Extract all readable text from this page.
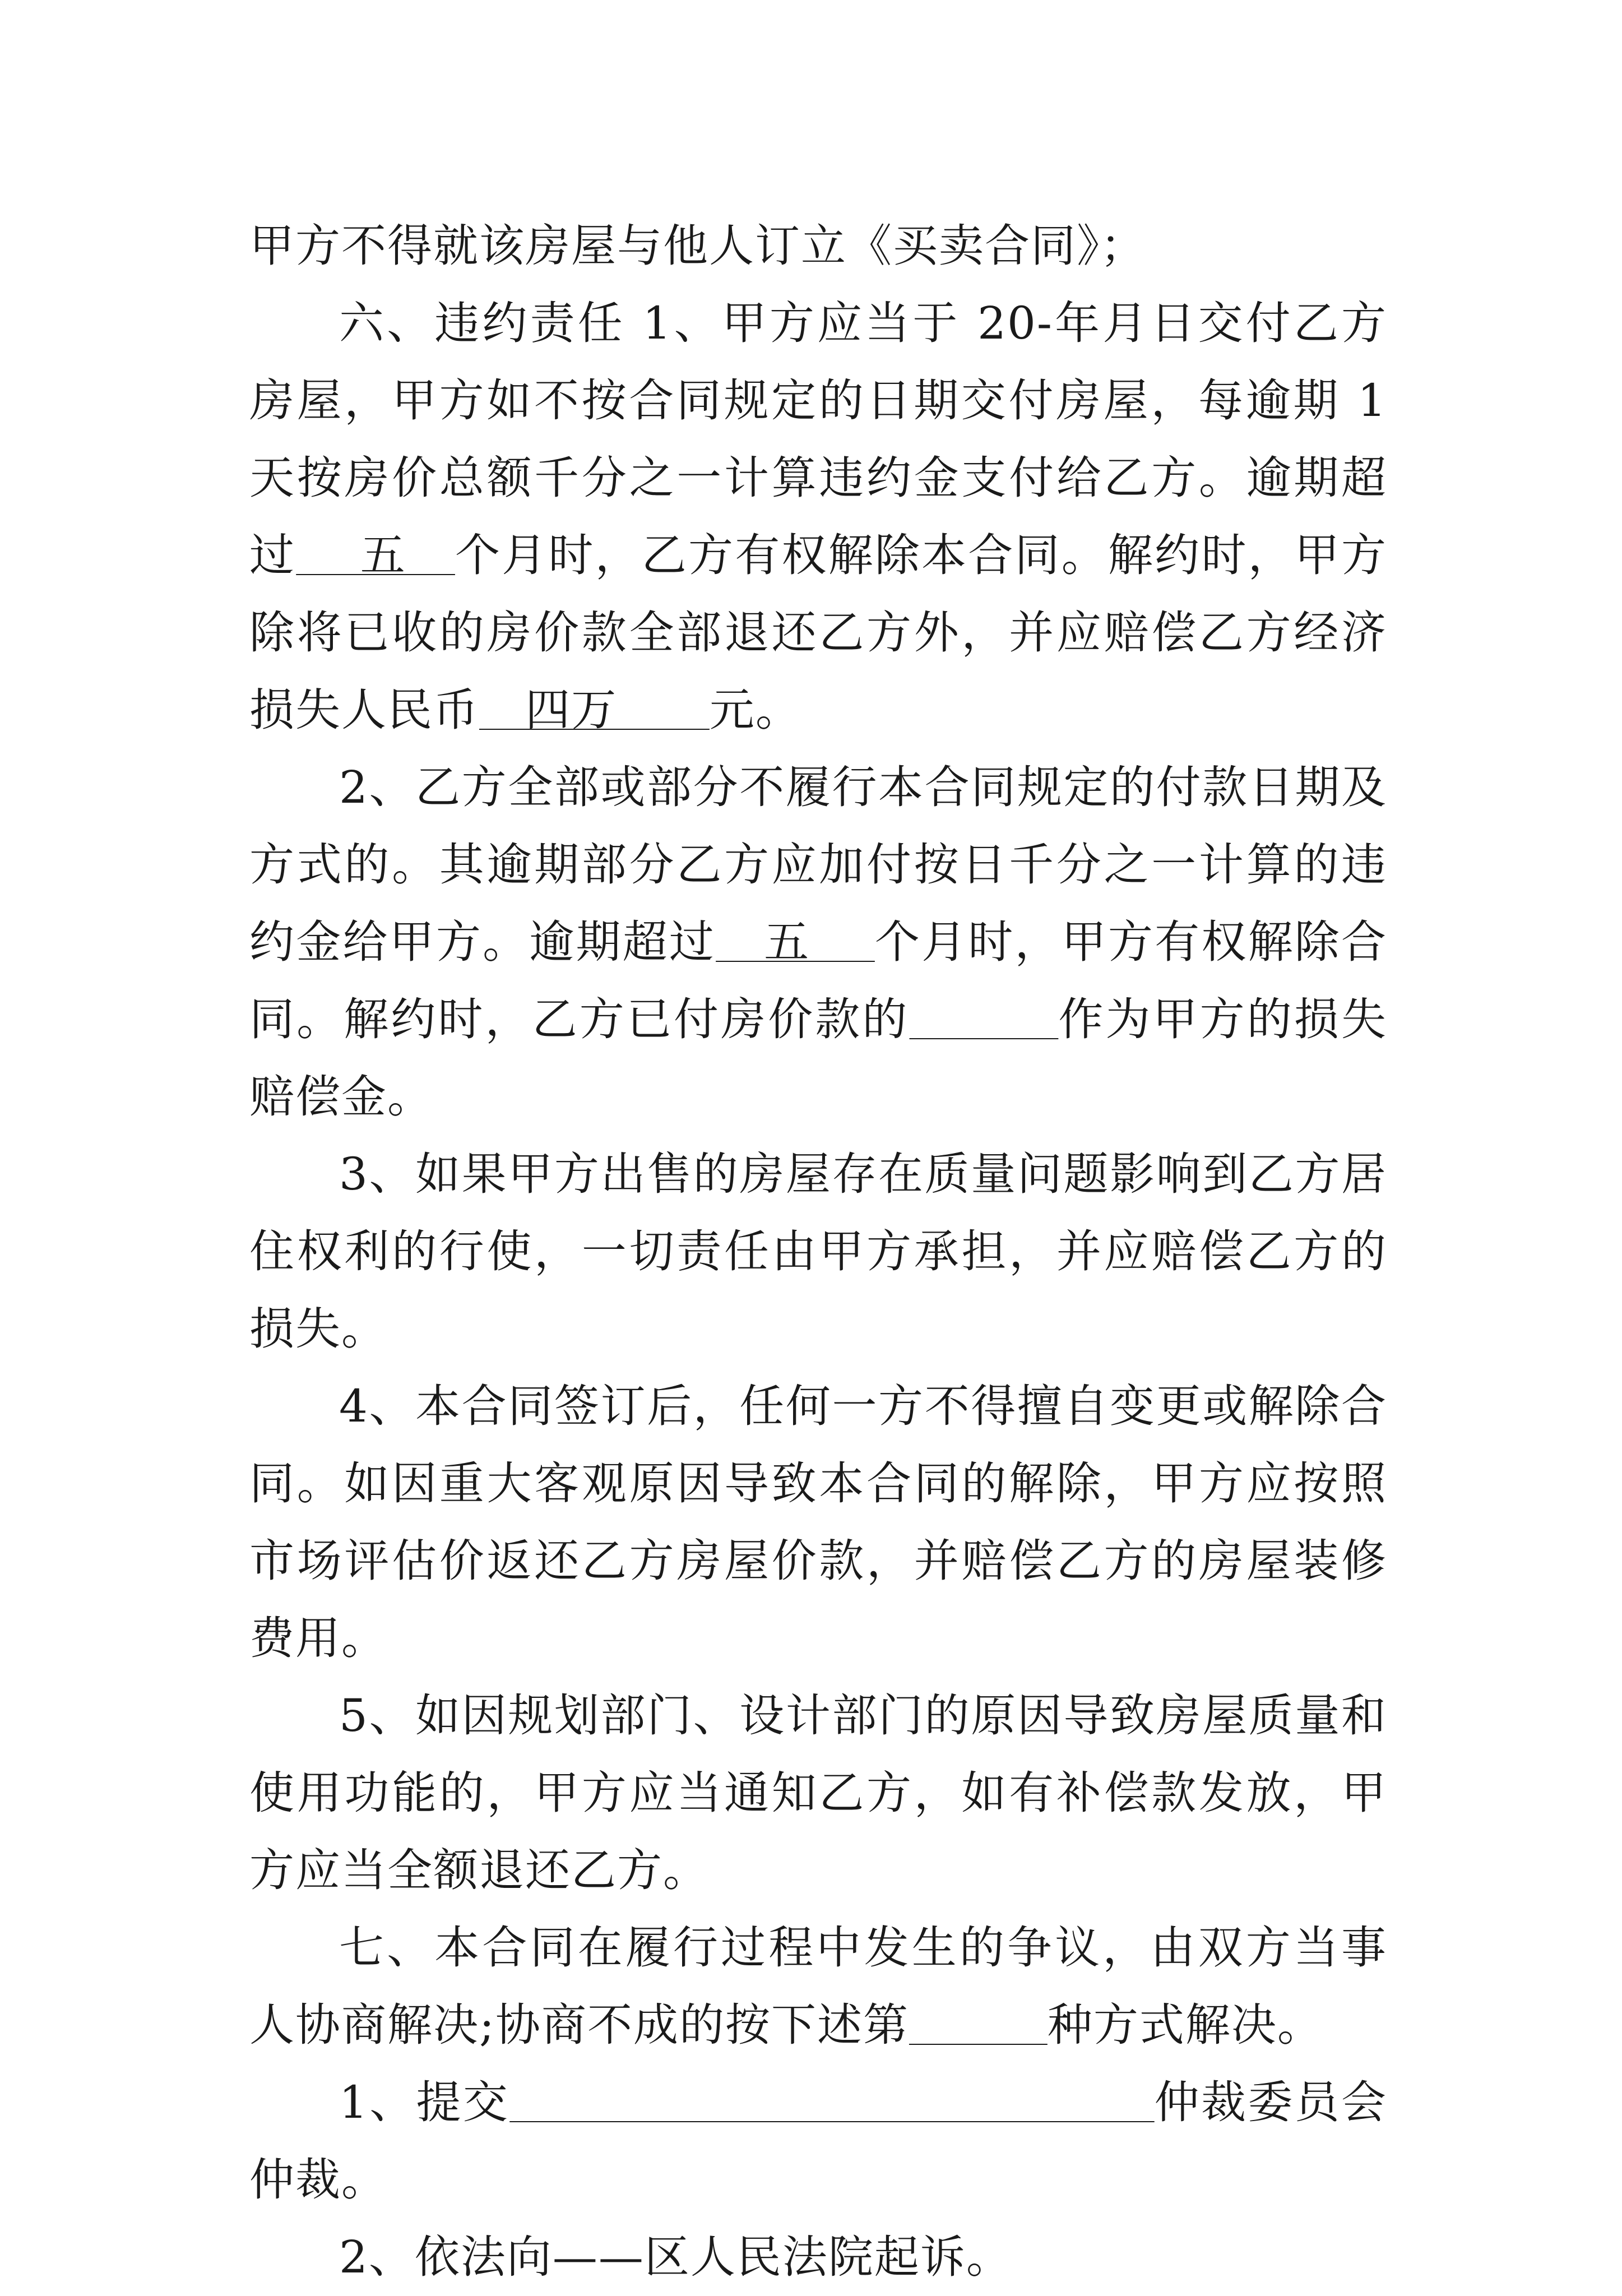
甲方不得就该房屋与他人订立《买卖合同》；

六、违约责任 1、甲方应当于 20-年月日交付乙方房屋，甲方如不按合同规定的日期交付房屋，每逾期 1 天按房价总额千分之一计算违约金支付给乙方。逾期超过    五   个月时，乙方有权解除本合同。解约时，甲方除将已收的房价款全部退还乙方外，并应赔偿乙方经济损失人民币   四万      元。

2、乙方全部或部分不履行本合同规定的付款日期及方式的。其逾期部分乙方应加付按日千分之一计算的违约金给甲方。逾期超过   五    个月时，甲方有权解除合同。解约时，乙方已付房价款的	作为甲方的损失赔偿金。

3、如果甲方出售的房屋存在质量问题影响到乙方居住权利的行使，一切责任由甲方承担，并应赔偿乙方的损失。

4、本合同签订后，任何一方不得擅自变更或解除合同。如因重大客观原因导致本合同的解除，甲方应按照市场评估价返还乙方房屋价款，并赔偿乙方的房屋装修费用。

5、如因规划部门、设计部门的原因导致房屋质量和使用功能的，甲方应当通知乙方，如有补偿款发放，甲方应当全额退还乙方。

七、本合同在履行过程中发生的争议，由双方当事人协商解决;协商不成的按下述第	种方式解决。

1、提交	仲裁委员会仲裁。

2、依法向——区人民法院起诉。
